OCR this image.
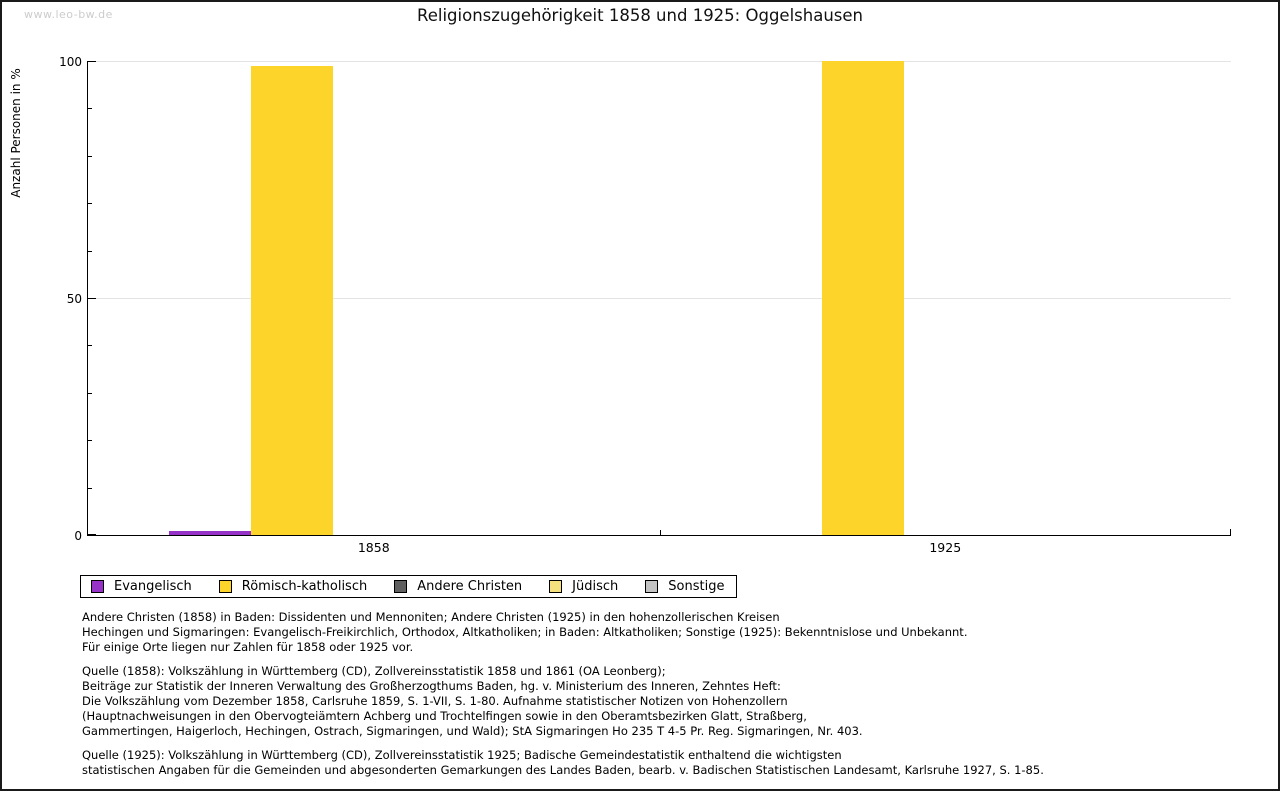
www.leo-bw.de	Religionszugehörigkeit 1858 und 1925: Oggelshausen
Anzahl Personen in %
0
50
100
1858	1925
Evangelisch	Römisch-katholisch	Andere Christen	Jüdisch	Sonstige
Andere Christen (1858) in Baden: Dissidenten und Mennoniten; Andere Christen (1925) in den hohenzollerischen Kreisen
Hechingen und Sigmaringen: Evangelisch-Freikirchlich, Orthodox, Altkatholiken; in Baden: Altkatholiken; Sonstige (1925): Bekenntnislose und Unbekannt.
Für einige Orte liegen nur Zahlen für 1858 oder 1925 vor.
Quelle (1858): Volkszählung in Württemberg (CD), Zollvereinsstatistik 1858 und 1861 (OA Leonberg);
Beiträge zur Statistik der Inneren Verwaltung des Großherzogthums Baden, hg. v. Ministerium des Inneren, Zehntes Heft:
Die Volkszählung vom Dezember 1858, Carlsruhe 1859, S. 1-VII, S. 1-80. Aufnahme statistischer Notizen von Hohenzollern
(Hauptnachweisungen in den Obervogteiämtern Achberg und Trochtelfingen sowie in den Oberamtsbezirken Glatt, Straßberg,
Gammertingen, Haigerloch, Hechingen, Ostrach, Sigmaringen, und Wald); StA Sigmaringen Ho 235 T 4-5 Pr. Reg. Sigmaringen, Nr. 403.
Quelle (1925): Volkszählung in Württemberg (CD), Zollvereinsstatistik 1925; Badische Gemeindestatistik enthaltend die wichtigsten
statistischen Angaben für die Gemeinden und abgesonderten Gemarkungen des Landes Baden, bearb. v. Badischen Statistischen Landesamt, Karlsruhe 1927, S. 1-85.
